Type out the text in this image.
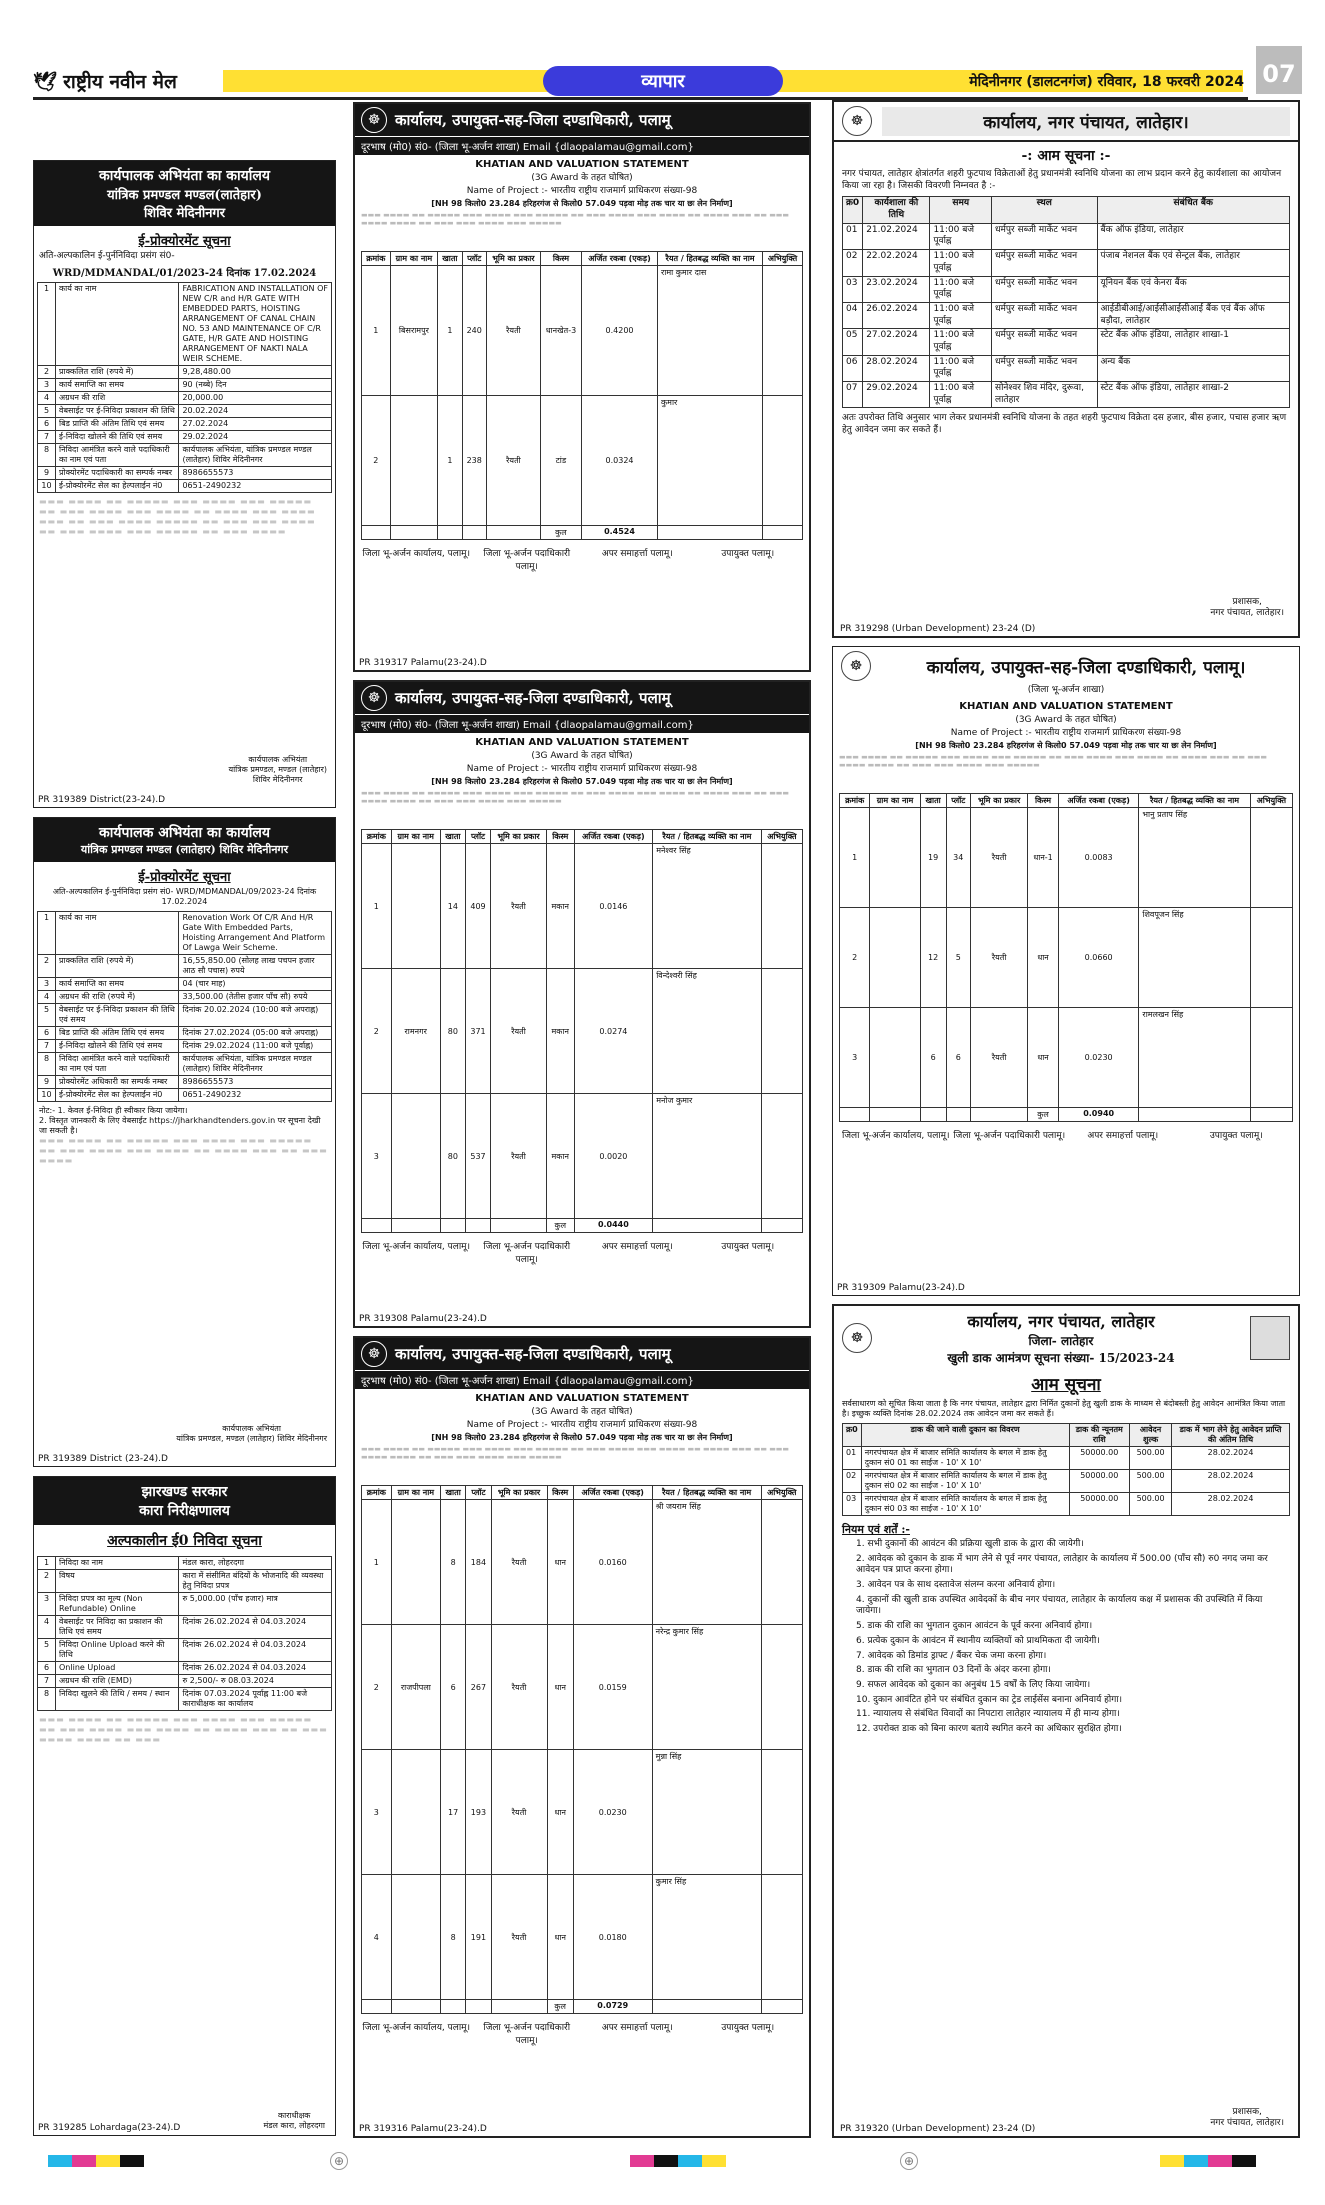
🕊 राष्ट्रीय नवीन मेल	व्यापार	मेदिनीनगर (डालटनगंज) रविवार, 18 फरवरी 2024 07
कार्यपालक अभियंता का कार्यालय
यांत्रिक प्रमण्डल मण्डल(लातेहार)
शिविर मेदिनीनगर
ई-प्रोक्योरमेंट सूचना
अति-अल्पकालिन ई-पुर्ननिविदा प्रसंग सं0-
WRD/MDMANDAL/01/2023-24 दिनांक 17.02.2024
1	कार्य का नाम	FABRICATION AND INSTALLATION OF NEW C/R and H/R GATE WITH EMBEDDED PARTS, HOISTING ARRANGEMENT OF CANAL CHAIN NO. 53 AND MAINTENANCE OF C/R GATE, H/R GATE AND HOISTING ARRANGEMENT OF NAKTI NALA WEIR SCHEME.
2	प्राक्कलित राशि (रुपये में)	9,28,480.00
3	कार्य समाप्ति का समय	90 (नब्बे) दिन
4	अग्रधन की राशि	20,000.00
5	वेबसाईट पर ई-निविदा प्रकाशन की तिथि	20.02.2024
6	बिड प्राप्ति की अंतिम तिथि एवं समय	27.02.2024
7	ई-निविदा खोलने की तिथि एवं समय	29.02.2024
8	निविदा आमंत्रित करने वाले पदाधिकारी का नाम एवं पता	कार्यपालक अभियंता, यांत्रिक प्रमण्डल मण्डल (लातेहार) शिविर मेदिनीनगर
9	प्रोक्योरमेंट पदाधिकारी का सम्पर्क नम्बर	8986655573
10	ई-प्रोक्योरमेंट सेल का हेल्पलाईन नं0	0651-2490232
▬▬▬ ▬▬▬▬ ▬▬ ▬▬▬▬▬ ▬▬▬ ▬▬▬▬ ▬▬▬ ▬▬▬▬▬ ▬▬ ▬▬▬ ▬▬▬▬ ▬▬▬ ▬▬▬▬ ▬▬ ▬▬▬▬ ▬▬▬ ▬▬▬▬ ▬▬▬ ▬▬ ▬▬▬ ▬▬▬▬ ▬▬▬▬▬ ▬▬ ▬▬▬ ▬▬▬ ▬▬▬▬ ▬▬ ▬▬▬ ▬▬▬▬ ▬▬▬ ▬▬▬▬▬ ▬▬ ▬▬▬ ▬▬▬▬
कार्यपालक अभियंता
यांत्रिक प्रमण्डल, मण्डल (लातेहार)
शिविर मेदिनीनगर
PR 319389 District(23-24).D
कार्यपालक अभियंता का कार्यालय
यांत्रिक प्रमण्डल मण्डल (लातेहार) शिविर मेदिनीनगर
ई-प्रोक्योरमेंट सूचना
अति-अल्पकालिन ई-पुर्ननिविदा प्रसंग सं0- WRD/MDMANDAL/09/2023-24 दिनांक 17.02.2024
1	कार्य का नाम	Renovation Work Of C/R And H/R Gate With Embedded Parts, Hoisting Arrangement And Platform Of Lawga Weir Scheme.
2	प्राक्कलित राशि (रुपये में)	16,55,850.00 (सोलह लाख पचपन हजार आठ सौ पचास) रुपये
3	कार्य समाप्ति का समय	04 (चार माह)
4	अग्रधन की राशि (रुपये में)	33,500.00 (तेतीस हजार पाँच सौ) रुपये
5	वेबसाईट पर ई-निविदा प्रकाशन की तिथि एवं समय	दिनांक 20.02.2024 (10:00 बजे अपराह्न)
6	बिड प्राप्ति की अंतिम तिथि एवं समय	दिनांक 27.02.2024 (05:00 बजे अपराह्न)
7	ई-निविदा खोलने की तिथि एवं समय	दिनांक 29.02.2024 (11:00 बजे पूर्वाह्न)
8	निविदा आमंत्रित करने वाले पदाधिकारी का नाम एवं पता	कार्यपालक अभियंता, यांत्रिक प्रमण्डल मण्डल (लातेहार) शिविर मेदिनीनगर
9	प्रोक्योरमेंट अधिकारी का सम्पर्क नम्बर	8986655573
10	ई-प्रोक्योरमेंट सेल का हेल्पलाईन नं0	0651-2490232
नोट:- 1. केवल ई-निविदा ही स्वीकार किया जायेगा।
2. विस्तृत जानकारी के लिए वेबसाईट https://jharkhandtenders.gov.in पर सूचना देखी जा सकती है।
▬▬▬ ▬▬▬▬ ▬▬ ▬▬▬▬▬ ▬▬▬ ▬▬▬▬ ▬▬▬ ▬▬▬▬▬ ▬▬ ▬▬▬ ▬▬▬▬ ▬▬▬ ▬▬▬▬ ▬▬ ▬▬▬▬ ▬▬▬ ▬▬ ▬▬▬ ▬▬▬▬
कार्यपालक अभियंता
यांत्रिक प्रमण्डल, मण्डल (लातेहार) शिविर मेदिनीनगर
PR 319389 District (23-24).D
झारखण्ड सरकार
कारा निरीक्षणालय
अल्पकालीन ई0 निविदा सूचना
1	निविदा का नाम	मंडल कारा, लोहरदगा
2	विषय	कारा में संसीमित बंदियों के भोजनादि की व्यवस्था हेतु निविदा प्रपत्र
3	निविदा प्रपत्र का मूल्य (Non Refundable) Online	रु 5,000.00 (पाँच हजार) मात्र
4	वेबसाईट पर निविदा का प्रकाशन की तिथि एवं समय	दिनांक 26.02.2024 से 04.03.2024
5	निविदा Online Upload करने की तिथि	दिनांक 26.02.2024 से 04.03.2024
6	Online Upload	दिनांक 26.02.2024 से 04.03.2024
7	अग्रधन की राशि (EMD)	रु 2,500/- रु 08.03.2024
8	निविदा खुलने की तिथि / समय / स्थान	दिनांक 07.03.2024 पूर्वाह्न 11:00 बजे काराधीक्षक का कार्यालय
▬▬▬ ▬▬▬▬ ▬▬ ▬▬▬▬▬ ▬▬▬ ▬▬▬▬ ▬▬▬ ▬▬▬▬▬ ▬▬ ▬▬▬ ▬▬▬▬ ▬▬▬ ▬▬▬▬ ▬▬ ▬▬▬▬ ▬▬▬ ▬▬ ▬▬▬ ▬▬▬▬ ▬▬▬▬ ▬▬ ▬▬▬
काराधीक्षक
मंडल कारा, लोहरदगा
PR 319285 Lohardaga(23-24).D
☸ कार्यालय, उपायुक्त-सह-जिला दण्डाधिकारी, पलामू
दूरभाष (मो0) सं0- (जिला भू-अर्जन शाखा) Email {dlaopalamau@gmail.com}
KHATIAN AND VALUATION STATEMENT
(3G Award के तहत घोषित)
Name of Project :- भारतीय राष्ट्रीय राजमार्ग प्राधिकरण संख्या-98
[NH 98 किलो0 23.284 हरिहरगंज से किलो0 57.049 पड़वा मोड़ तक चार या छः लेन निर्माण]
▬▬▬ ▬▬▬▬ ▬▬ ▬▬▬▬▬ ▬▬▬ ▬▬▬▬ ▬▬▬ ▬▬▬▬▬ ▬▬ ▬▬▬ ▬▬▬▬ ▬▬▬ ▬▬▬▬ ▬▬ ▬▬▬▬ ▬▬▬ ▬▬ ▬▬▬ ▬▬▬▬ ▬▬▬▬ ▬▬ ▬▬▬ ▬▬▬ ▬▬▬▬ ▬▬▬ ▬▬▬▬▬
क्रमांक	ग्राम का नाम	खाता	प्लॉट	भूमि का प्रकार	किस्म	अर्जित रकबा (एकड़)	रैयत / हितबद्ध व्यक्ति का नाम	अभियुक्ति
1	बिसरामपुर	1	240	रैयती	धानखेत-3	0.4200	रामा कुमार दास	
2		1	238	रैयती	टांड	0.0324	कुमार	
					कुल	0.4524		
जिला भू-अर्जन कार्यालय, पलामू।	जिला भू-अर्जन पदाधिकारी पलामू।
अपर समाहर्त्ता पलामू।	उपायुक्त पलामू।
PR 319317 Palamu(23-24).D
☸ कार्यालय, उपायुक्त-सह-जिला दण्डाधिकारी, पलामू
दूरभाष (मो0) सं0- (जिला भू-अर्जन शाखा) Email {dlaopalamau@gmail.com}
KHATIAN AND VALUATION STATEMENT
(3G Award के तहत घोषित)
Name of Project :- भारतीय राष्ट्रीय राजमार्ग प्राधिकरण संख्या-98
[NH 98 किलो0 23.284 हरिहरगंज से किलो0 57.049 पड़वा मोड़ तक चार या छः लेन निर्माण]
▬▬▬ ▬▬▬▬ ▬▬ ▬▬▬▬▬ ▬▬▬ ▬▬▬▬ ▬▬▬ ▬▬▬▬▬ ▬▬ ▬▬▬ ▬▬▬▬ ▬▬▬ ▬▬▬▬ ▬▬ ▬▬▬▬ ▬▬▬ ▬▬ ▬▬▬ ▬▬▬▬ ▬▬▬▬ ▬▬ ▬▬▬ ▬▬▬ ▬▬▬▬ ▬▬▬ ▬▬▬▬▬
क्रमांक	ग्राम का नाम	खाता	प्लॉट	भूमि का प्रकार	किस्म	अर्जित रकबा (एकड़)	रैयत / हितबद्ध व्यक्ति का नाम	अभियुक्ति
1		14	409	रैयती	मकान	0.0146	मनेश्वर सिंह	
2	रामनगर	80	371	रैयती	मकान	0.0274	विन्देश्वरी सिंह	
3		80	537	रैयती	मकान	0.0020	मनोज कुमार	
					कुल	0.0440		
जिला भू-अर्जन कार्यालय, पलामू।	जिला भू-अर्जन पदाधिकारी पलामू।
अपर समाहर्त्ता पलामू।	उपायुक्त पलामू।
PR 319308 Palamu(23-24).D
☸ कार्यालय, उपायुक्त-सह-जिला दण्डाधिकारी, पलामू
दूरभाष (मो0) सं0- (जिला भू-अर्जन शाखा) Email {dlaopalamau@gmail.com}
KHATIAN AND VALUATION STATEMENT
(3G Award के तहत घोषित)
Name of Project :- भारतीय राष्ट्रीय राजमार्ग प्राधिकरण संख्या-98
[NH 98 किलो0 23.284 हरिहरगंज से किलो0 57.049 पड़वा मोड़ तक चार या छः लेन निर्माण]
▬▬▬ ▬▬▬▬ ▬▬ ▬▬▬▬▬ ▬▬▬ ▬▬▬▬ ▬▬▬ ▬▬▬▬▬ ▬▬ ▬▬▬ ▬▬▬▬ ▬▬▬ ▬▬▬▬ ▬▬ ▬▬▬▬ ▬▬▬ ▬▬ ▬▬▬ ▬▬▬▬ ▬▬▬▬ ▬▬ ▬▬▬ ▬▬▬ ▬▬▬▬ ▬▬▬ ▬▬▬▬▬
क्रमांक	ग्राम का नाम	खाता	प्लॉट	भूमि का प्रकार	किस्म	अर्जित रकबा (एकड़)	रैयत / हितबद्ध व्यक्ति का नाम	अभियुक्ति
1		8	184	रैयती	धान	0.0160	श्री जयराम सिंह	
2	राजपीपला	6	267	रैयती	धान	0.0159	नरेन्द्र कुमार सिंह	
3		17	193	रैयती	धान	0.0230	मुन्ना सिंह	
4		8	191	रैयती	धान	0.0180	कुमार सिंह	
					कुल	0.0729		
जिला भू-अर्जन कार्यालय, पलामू।	जिला भू-अर्जन पदाधिकारी पलामू।
अपर समाहर्त्ता पलामू।	उपायुक्त पलामू।
PR 319316 Palamu(23-24).D
☸	कार्यालय, नगर पंचायत, लातेहार।
-: आम सूचना :-
नगर पंचायत, लातेहार क्षेत्रांतर्गत शहरी फुटपाथ विक्रेताओं हेतु प्रधानमंत्री स्वनिधि योजना का लाभ प्रदान करने हेतु कार्यशाला का आयोजन किया जा रहा है। जिसकी विवरणी निम्नवत है :-
क्र0	कार्यशाला की तिथि	समय	स्थल	संबंधित बैंक
01	21.02.2024	11:00 बजे पूर्वाह्न	धर्मपुर सब्जी मार्केट भवन	बैंक ऑफ इंडिया, लातेहार
02	22.02.2024	11:00 बजे पूर्वाह्न	धर्मपुर सब्जी मार्केट भवन	पंजाब नेशनल बैंक एवं सेन्ट्रल बैंक, लातेहार
03	23.02.2024	11:00 बजे पूर्वाह्न	धर्मपुर सब्जी मार्केट भवन	यूनियन बैंक एवं केनरा बैंक
04	26.02.2024	11:00 बजे पूर्वाह्न	धर्मपुर सब्जी मार्केट भवन	आईडीबीआई/आईसीआईसीआई बैंक एवं बैंक ऑफ बड़ौदा, लातेहार
05	27.02.2024	11:00 बजे पूर्वाह्न	धर्मपुर सब्जी मार्केट भवन	स्टेट बैंक ऑफ इंडिया, लातेहार शाखा-1
06	28.02.2024	11:00 बजे पूर्वाह्न	धर्मपुर सब्जी मार्केट भवन	अन्य बैंक
07	29.02.2024	11:00 बजे पूर्वाह्न	सोनेश्वर शिव मंदिर, दुरूवा, लातेहार	स्टेट बैंक ऑफ इंडिया, लातेहार शाखा-2
अतः उपरोक्त तिथि अनुसार भाग लेकर प्रधानमंत्री स्वनिधि योजना के तहत शहरी फुटपाथ विक्रेता दस हजार, बीस हजार, पचास हजार ऋण हेतु आवेदन जमा कर सकते हैं।
प्रशासक,
नगर पंचायत, लातेहार।
PR 319298 (Urban Development) 23-24 (D)
☸	कार्यालय, उपायुक्त-सह-जिला दण्डाधिकारी, पलामू।
(जिला भू-अर्जन शाखा)
KHATIAN AND VALUATION STATEMENT
(3G Award के तहत घोषित)
Name of Project :- भारतीय राष्ट्रीय राजमार्ग प्राधिकरण संख्या-98
[NH 98 किलो0 23.284 हरिहरगंज से किलो0 57.049 पड़वा मोड़ तक चार या छः लेन निर्माण]
▬▬▬ ▬▬▬▬ ▬▬ ▬▬▬▬▬ ▬▬▬ ▬▬▬▬ ▬▬▬ ▬▬▬▬▬ ▬▬ ▬▬▬ ▬▬▬▬ ▬▬▬ ▬▬▬▬ ▬▬ ▬▬▬▬ ▬▬▬ ▬▬ ▬▬▬ ▬▬▬▬ ▬▬▬▬ ▬▬ ▬▬▬ ▬▬▬ ▬▬▬▬ ▬▬▬ ▬▬▬▬▬
क्रमांक	ग्राम का नाम	खाता	प्लॉट	भूमि का प्रकार	किस्म	अर्जित रकबा (एकड़)	रैयत / हितबद्ध व्यक्ति का नाम	अभियुक्ति
1		19	34	रैयती	धान-1	0.0083	भानु प्रताप सिंह	
2		12	5	रैयती	धान	0.0660	शिवपूजन सिंह	
3		6	6	रैयती	धान	0.0230	रामलखन सिंह	
					कुल	0.0940		
जिला भू-अर्जन कार्यालय, पलामू। जिला भू-अर्जन पदाधिकारी पलामू।	अपर समाहर्त्ता पलामू।	उपायुक्त पलामू।
PR 319309 Palamu(23-24).D
☸
कार्यालय, नगर पंचायत, लातेहार
जिला- लातेहार
खुली डाक आमंत्रण सूचना संख्या- 15/2023-24
आम सूचना
सर्वसाधारण को सूचित किया जाता है कि नगर पंचायत, लातेहार द्वारा निर्मित दुकानों हेतु खुली डाक के माध्यम से बंदोबस्ती हेतु आवेदन आमंत्रित किया जाता है। इच्छुक व्यक्ति दिनांक 28.02.2024 तक आवेदन जमा कर सकते हैं।
क्र0	डाक की जाने वाली दुकान का विवरण	डाक की न्यूनतम राशि	आवेदन शुल्क	डाक में भाग लेने हेतु आवेदन प्राप्ति की अंतिम तिथि
01	नगरपंचायत क्षेत्र में बाजार समिति कार्यालय के बगल में डाक हेतु दुकान सं0 01 का साईज - 10' X 10'	50000.00	500.00	28.02.2024
02	नगरपंचायत क्षेत्र में बाजार समिति कार्यालय के बगल में डाक हेतु दुकान सं0 02 का साईज - 10' X 10'	50000.00	500.00	28.02.2024
03	नगरपंचायत क्षेत्र में बाजार समिति कार्यालय के बगल में डाक हेतु दुकान सं0 03 का साईज - 10' X 10'	50000.00	500.00	28.02.2024
नियम एवं शर्तें :-
1. सभी दुकानों की आवंटन की प्रक्रिया खुली डाक के द्वारा की जायेगी।
2. आवेदक को दुकान के डाक में भाग लेने से पूर्व नगर पंचायत, लातेहार के कार्यालय में 500.00 (पाँच सौ) रु0 नगद जमा कर आवेदन पत्र प्राप्त करना होगा।
3. आवेदन पत्र के साथ दस्तावेज संलग्न करना अनिवार्य होगा।
4. दुकानों की खुली डाक उपस्थित आवेदकों के बीच नगर पंचायत, लातेहार के कार्यालय कक्ष में प्रशासक की उपस्थिति में किया जायेगा।
5. डाक की राशि का भुगतान दुकान आवंटन के पूर्व करना अनिवार्य होगा।
6. प्रत्येक दुकान के आवंटन में स्थानीय व्यक्तियों को प्राथमिकता दी जायेगी।
7. आवेदक को डिमांड ड्राफ्ट / बैंकर चेक जमा करना होगा।
8. डाक की राशि का भुगतान 03 दिनों के अंदर करना होगा।
9. सफल आवेदक को दुकान का अनुबंध 15 वर्षों के लिए किया जायेगा।
10. दुकान आवंटित होने पर संबंधित दुकान का ट्रेड लाईसेंस बनाना अनिवार्य होगा।
11. न्यायालय से संबंधित विवादों का निपटारा लातेहार न्यायालय में ही मान्य होगा।
12. उपरोक्त डाक को बिना कारण बताये स्थगित करने का अधिकार सुरक्षित होगा।
प्रशासक,
नगर पंचायत, लातेहार।
PR 319320 (Urban Development) 23-24 (D)
⊕	⊕
